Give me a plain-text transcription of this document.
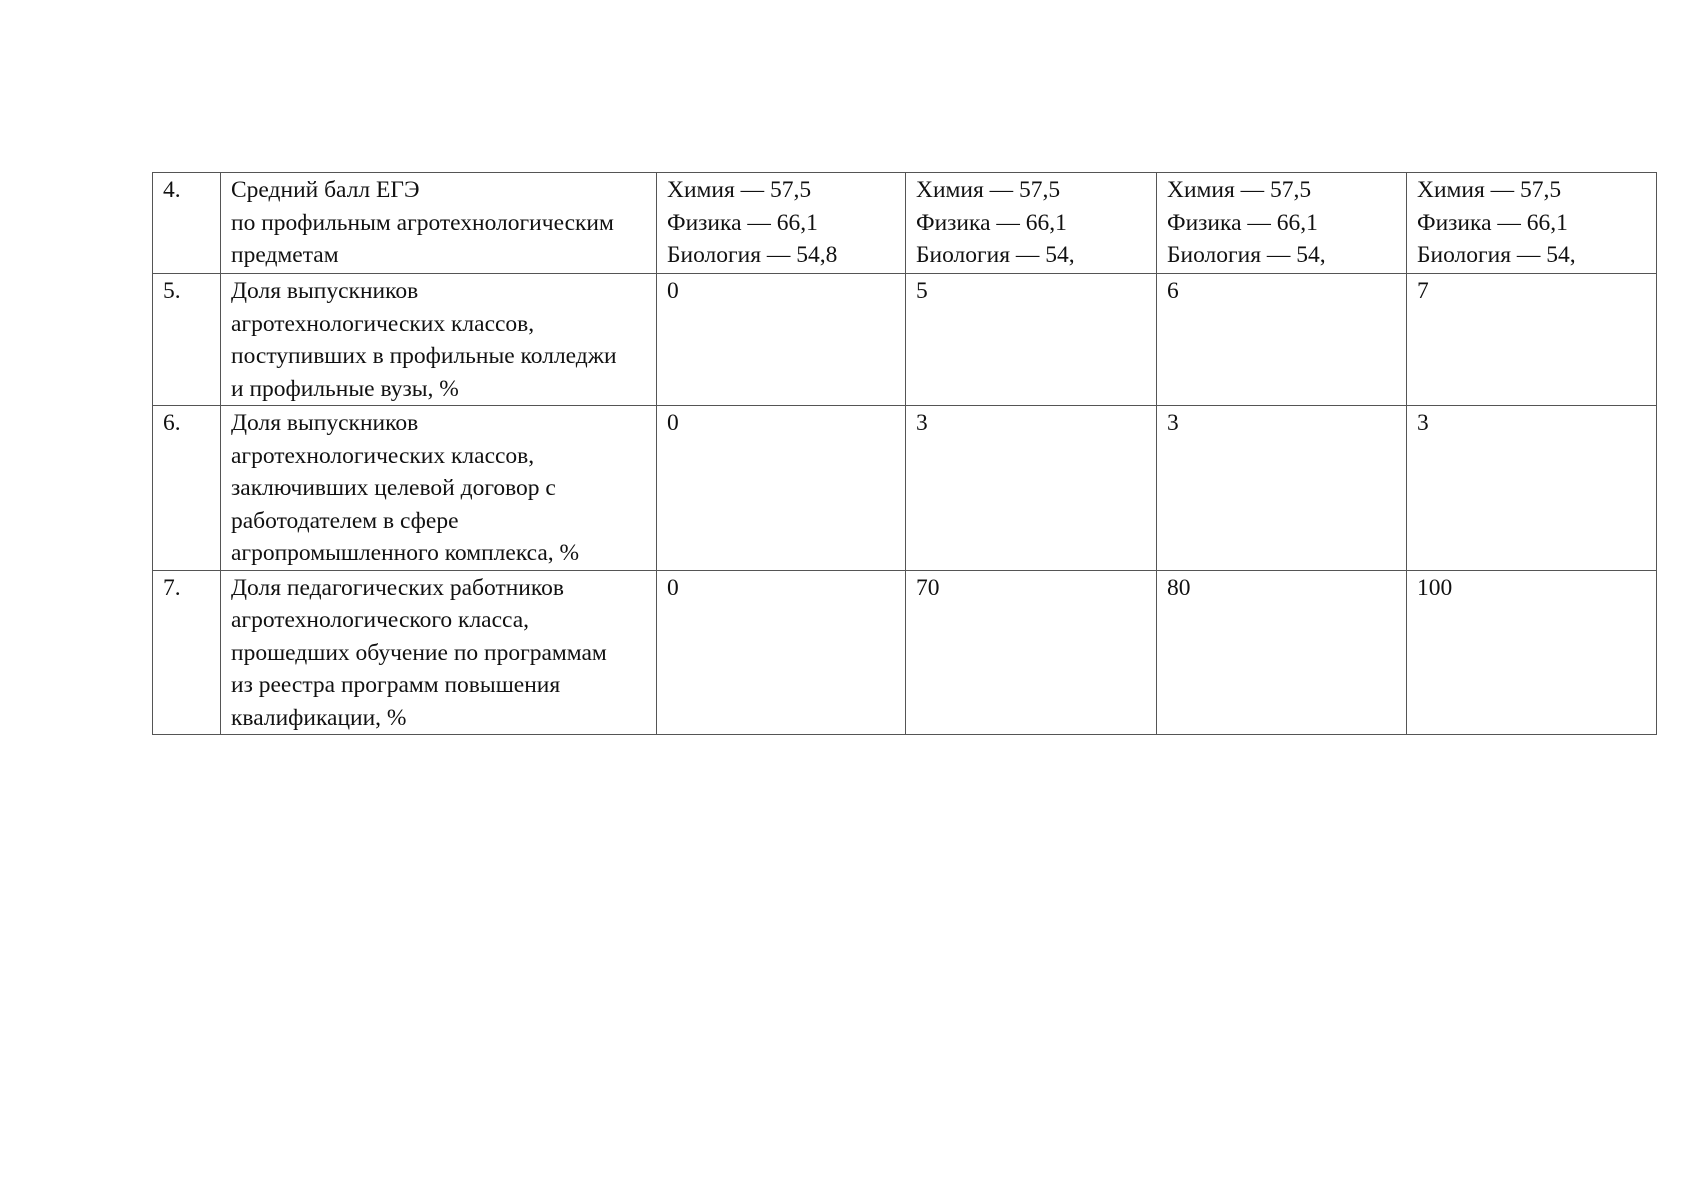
4.	Средний балл ЕГЭ
по профильным агротехнологическим
предметам	Химия — 57,5
Физика — 66,1
Биология — 54,8	Химия — 57,5
Физика — 66,1
Биология — 54,	Химия — 57,5
Физика — 66,1
Биология — 54,	Химия — 57,5
Физика — 66,1
Биология — 54,

5.	Доля выпускников
агротехнологических классов,
поступивших в профильные колледжи
и профильные вузы, %	0	5	6	7

6.	Доля выпускников
агротехнологических классов,
заключивших целевой договор с
работодателем в сфере
агропромышленного комплекса, %	0	3	3	3

7.	Доля педагогических работников
агротехнологического класса,
прошедших обучение по программам
из реестра программ повышения
квалификации, %	0	70	80	100
